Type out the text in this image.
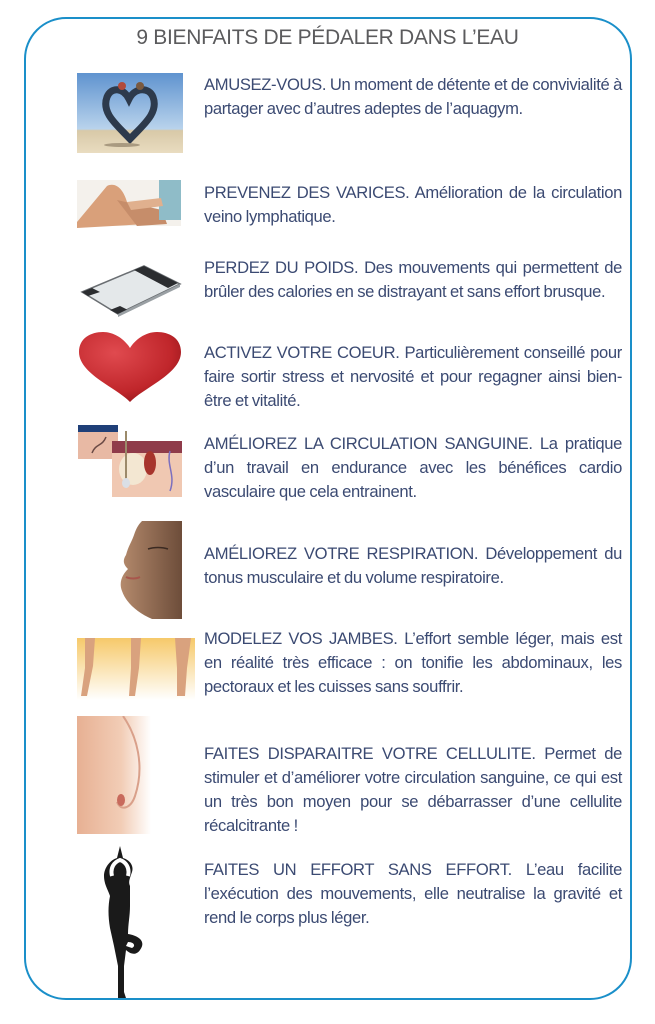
9 BIENFAITS DE PÉDALER DANS L’EAU
AMUSEZ-VOUS. Un moment de détente et de convivialité à partager avec d’autres adeptes de l’aquagym.
PREVENEZ DES VARICES. Amélioration de la circulation veino lymphatique.
PERDEZ DU POIDS. Des mouvements qui permettent de brûler des calories en se distrayant et sans effort brusque.
ACTIVEZ VOTRE COEUR. Particulièrement conseillé pour faire sortir stress et nervosité et pour regagner ainsi bien-être et vitalité.
AMÉLIOREZ LA CIRCULATION SANGUINE. La pratique d’un travail en endurance avec les bénéfices cardio vasculaire que cela entrainent.
AMÉLIOREZ VOTRE RESPIRATION. Développement du tonus musculaire et du volume respiratoire.
MODELEZ VOS JAMBES. L’effort semble léger, mais est en réalité très efficace : on tonifie les abdominaux, les pectoraux et les cuisses sans souffrir.
FAITES DISPARAITRE VOTRE CELLULITE. Permet de stimuler et d’améliorer votre circulation sanguine, ce qui est un très bon moyen pour se débarrasser d’une cellulite récalcitrante !
FAITES UN EFFORT SANS EFFORT. L’eau facilite l’exécution des mouvements, elle neutralise la gravité et rend le corps plus léger.
